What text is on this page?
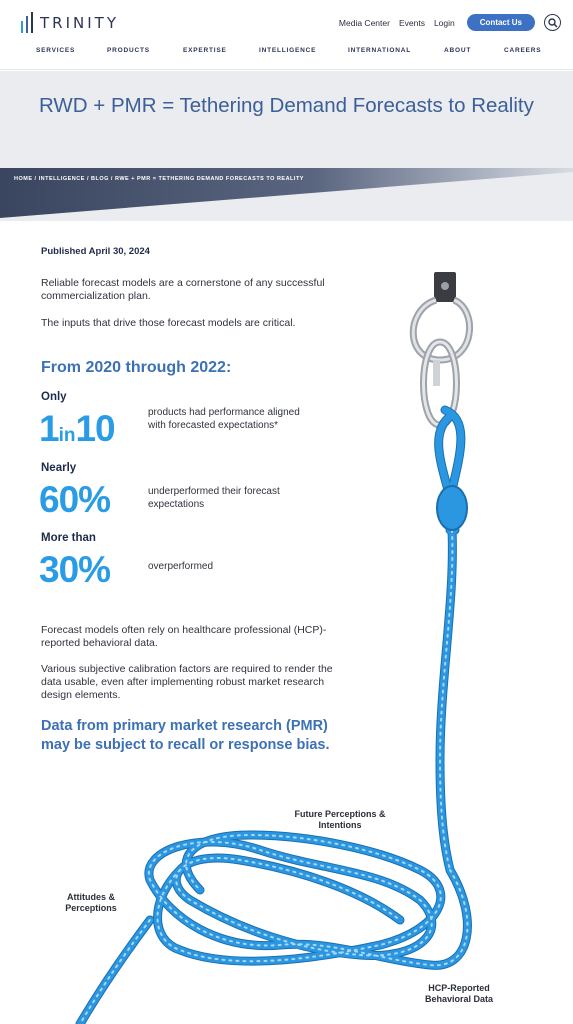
TRINITY	Media Center Events Login	Contact Us
SERVICES	PRODUCTS	EXPERTISE	INTELLIGENCE	INTERNATIONAL	ABOUT	CAREERS
RWD + PMR = Tethering Demand Forecasts to Reality
HOME / INTELLIGENCE / BLOG / RWE + PMR = TETHERING DEMAND FORECASTS TO REALITY
Future Perceptions & Intentions
Attitudes & Perceptions
HCP-Reported Behavioral Data
Published April 30, 2024

Reliable forecast models are a cornerstone of any successful commercialization plan.

The inputs that drive those forecast models are critical.

From 2020 through 2022:
Only
1in10	products had performance aligned with forecasted expectations*
Nearly
60%	underperformed their forecast expectations
More than
30%	overperformed

Forecast models often rely on healthcare professional (HCP)-reported behavioral data.

Various subjective calibration factors are required to render the data usable, even after implementing robust market research design elements.

Data from primary market research (PMR) may be subject to recall or response bias.
